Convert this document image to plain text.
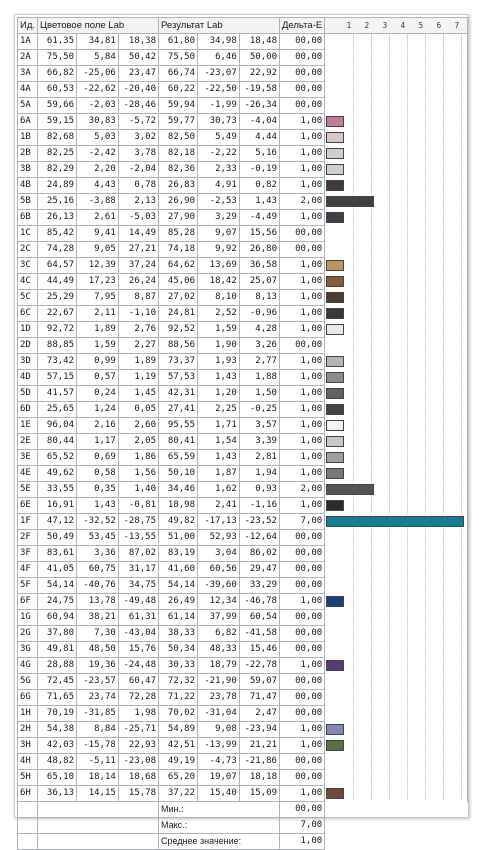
Ид.	Цветовое поле Lab			Результат Lab			Дельта-E	1 2 3 4 5 6 7
1A	61,35	34,81	18,38	61,80	34,98	18,48	00,00	

2A	75,50	5,84	50,42	75,50	6,46	50,00	00,00	

3A	66,82	-25,06	23,47	66,74	-23,07	22,92	00,00	

4A	60,53	-22,62	-20,40	60,22	-22,50	-19,58	00,00	

5A	59,66	-2,03	-28,46	59,94	-1,99	-26,34	00,00	

6A	59,15	30,83	-5,72	59,77	30,73	-4,04	1,00	

1B	82,68	5,03	3,02	82,50	5,49	4,44	1,00	

2B	82,25	-2,42	3,78	82,18	-2,22	5,16	1,00	

3B	82,29	2,20	-2,04	82,36	2,33	-0,19	1,00	

4B	24,89	4,43	0,78	26,83	4,91	0,82	1,00	

5B	25,16	-3,88	2,13	26,90	-2,53	1,43	2,00	

6B	26,13	2,61	-5,03	27,90	3,29	-4,49	1,00	

1C	85,42	9,41	14,49	85,28	9,07	15,56	00,00	

2C	74,28	9,05	27,21	74,18	9,92	26,80	00,00	

3C	64,57	12,39	37,24	64,62	13,69	36,58	1,00	

4C	44,49	17,23	26,24	45,06	18,42	25,07	1,00	

5C	25,29	7,95	8,87	27,02	8,10	8,13	1,00	

6C	22,67	2,11	-1,10	24,81	2,52	-0,96	1,00	

1D	92,72	1,89	2,76	92,52	1,59	4,28	1,00	

2D	88,85	1,59	2,27	88,56	1,90	3,26	00,00	

3D	73,42	0,99	1,89	73,37	1,93	2,77	1,00	

4D	57,15	0,57	1,19	57,53	1,43	1,88	1,00	

5D	41,57	0,24	1,45	42,31	1,20	1,50	1,00	

6D	25,65	1,24	0,05	27,41	2,25	-0,25	1,00	

1E	96,04	2,16	2,60	95,55	1,71	3,57	1,00	

2E	80,44	1,17	2,05	80,41	1,54	3,39	1,00	

3E	65,52	0,69	1,86	65,59	1,43	2,81	1,00	

4E	49,62	0,58	1,56	50,10	1,87	1,94	1,00	

5E	33,55	0,35	1,40	34,46	1,62	0,93	2,00	

6E	16,91	1,43	-0,81	18,98	2,41	-1,16	1,00	

1F	47,12	-32,52	-28,75	49,82	-17,13	-23,52	7,00	

2F	50,49	53,45	-13,55	51,00	52,93	-12,64	00,00	

3F	83,61	3,36	87,02	83,19	3,04	86,02	00,00	

4F	41,05	60,75	31,17	41,60	60,56	29,47	00,00	

5F	54,14	-40,76	34,75	54,14	-39,60	33,29	00,00	

6F	24,75	13,78	-49,48	26,49	12,34	-46,78	1,00	

1G	60,94	38,21	61,31	61,14	37,99	60,54	00,00	

2G	37,80	7,30	-43,04	38,33	6,82	-41,58	00,00	

3G	49,81	48,50	15,76	50,34	48,33	15,46	00,00	

4G	28,88	19,36	-24,48	30,33	18,79	-22,78	1,00	

5G	72,45	-23,57	60,47	72,32	-21,90	59,07	00,00	

6G	71,65	23,74	72,28	71,22	23,78	71,47	00,00	

1H	70,19	-31,85	1,98	70,02	-31,04	2,47	00,00	

2H	54,38	8,84	-25,71	54,89	9,08	-23,94	1,00	

3H	42,03	-15,78	22,93	42,51	-13,99	21,21	1,00	

4H	48,82	-5,11	-23,08	49,19	-4,73	-21,86	00,00	

5H	65,10	18,14	18,68	65,20	19,07	18,18	00,00	

6H	36,13	14,15	15,78	37,22	15,40	15,09	1,00	

				Мин.:			00,00	
				Макс.:			7,00	
				Среднее значение:			1,00	
